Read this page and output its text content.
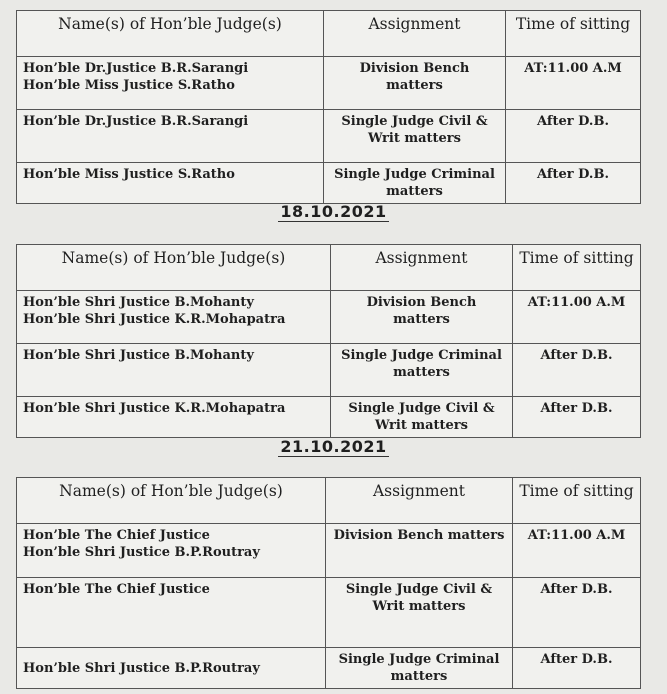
Name(s) of Hon’ble Judge(s)	Assignment	Time of sitting

Hon’ble Dr.Justice B.R.Sarangi
Hon’ble Miss Justice S.Ratho	Division Bench matters	AT:11.00 A.M

Hon’ble Dr.Justice B.R.Sarangi	Single Judge Civil & Writ matters	After D.B.

Hon’ble Miss Justice S.Ratho	Single Judge Criminal matters	After D.B.
18.10.2021
Name(s) of Hon’ble Judge(s)	Assignment	Time of sitting

Hon’ble Shri Justice B.Mohanty
Hon’ble Shri Justice K.R.Mohapatra	Division Bench matters	AT:11.00 A.M

Hon’ble Shri Justice B.Mohanty	Single Judge Criminal matters	After D.B.

Hon’ble Shri Justice K.R.Mohapatra	Single Judge Civil & Writ matters	After D.B.
21.10.2021
Name(s) of Hon’ble Judge(s)	Assignment	Time of sitting

Hon’ble The Chief Justice
Hon’ble Shri Justice B.P.Routray	Division Bench matters	AT:11.00 A.M

Hon’ble The Chief Justice	Single Judge Civil & Writ matters	After D.B.

Hon’ble Shri Justice B.P.Routray	Single Judge Criminal matters	After D.B.
